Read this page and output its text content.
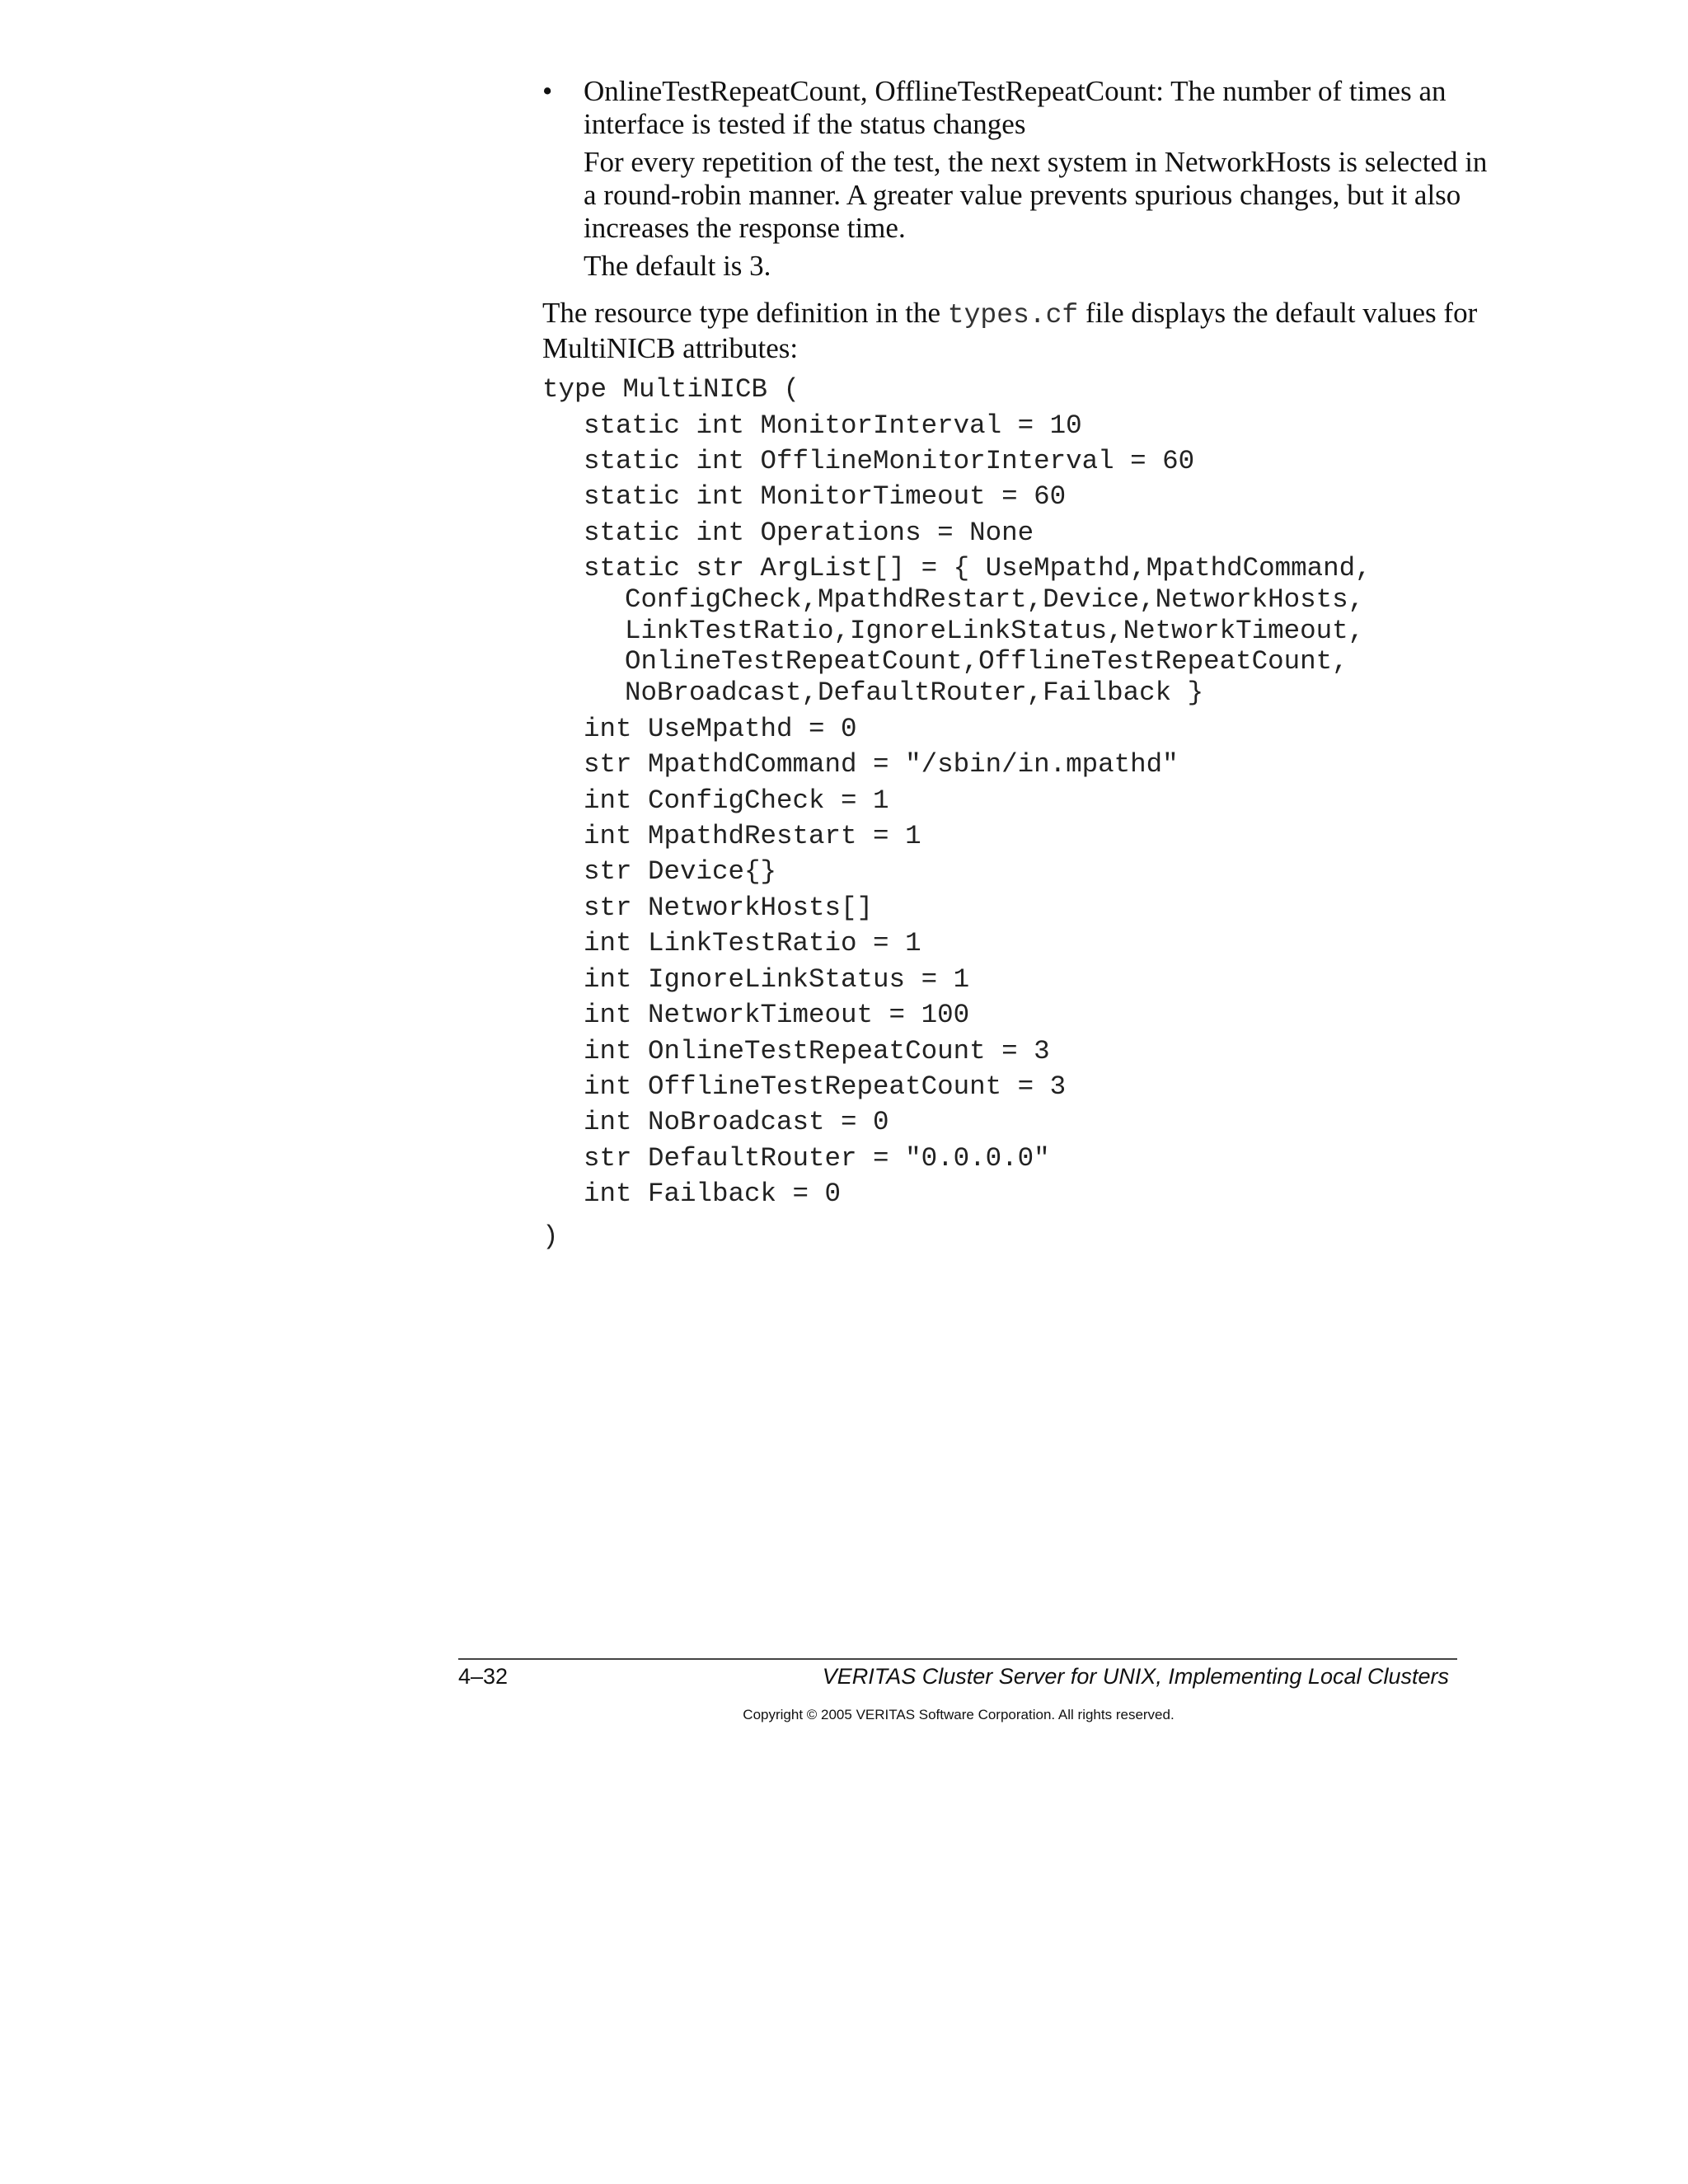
• OnlineTestRepeatCount, OfflineTestRepeatCount: The number of times an interface is tested if the status changes

For every repetition of the test, the next system in NetworkHosts is selected in a round-robin manner. A greater value prevents spurious changes, but it also increases the response time.

The default is 3.

The resource type definition in the types.cf file displays the default values for MultiNICB attributes:

type MultiNICB (
static int MonitorInterval = 10
static int OfflineMonitorInterval = 60
static int MonitorTimeout = 60
static int Operations = None
static str ArgList[] = { UseMpathd,MpathdCommand,
ConfigCheck,MpathdRestart,Device,NetworkHosts,
LinkTestRatio,IgnoreLinkStatus,NetworkTimeout,
OnlineTestRepeatCount,OfflineTestRepeatCount,
NoBroadcast,DefaultRouter,Failback }
int UseMpathd = 0
str MpathdCommand = "/sbin/in.mpathd"
int ConfigCheck = 1
int MpathdRestart = 1
str Device{}
str NetworkHosts[]
int LinkTestRatio = 1
int IgnoreLinkStatus = 1
int NetworkTimeout = 100
int OnlineTestRepeatCount = 3
int OfflineTestRepeatCount = 3
int NoBroadcast = 0
str DefaultRouter = "0.0.0.0"
int Failback = 0
)
4–32	VERITAS Cluster Server for UNIX, Implementing Local Clusters
Copyright © 2005 VERITAS Software Corporation. All rights reserved.
